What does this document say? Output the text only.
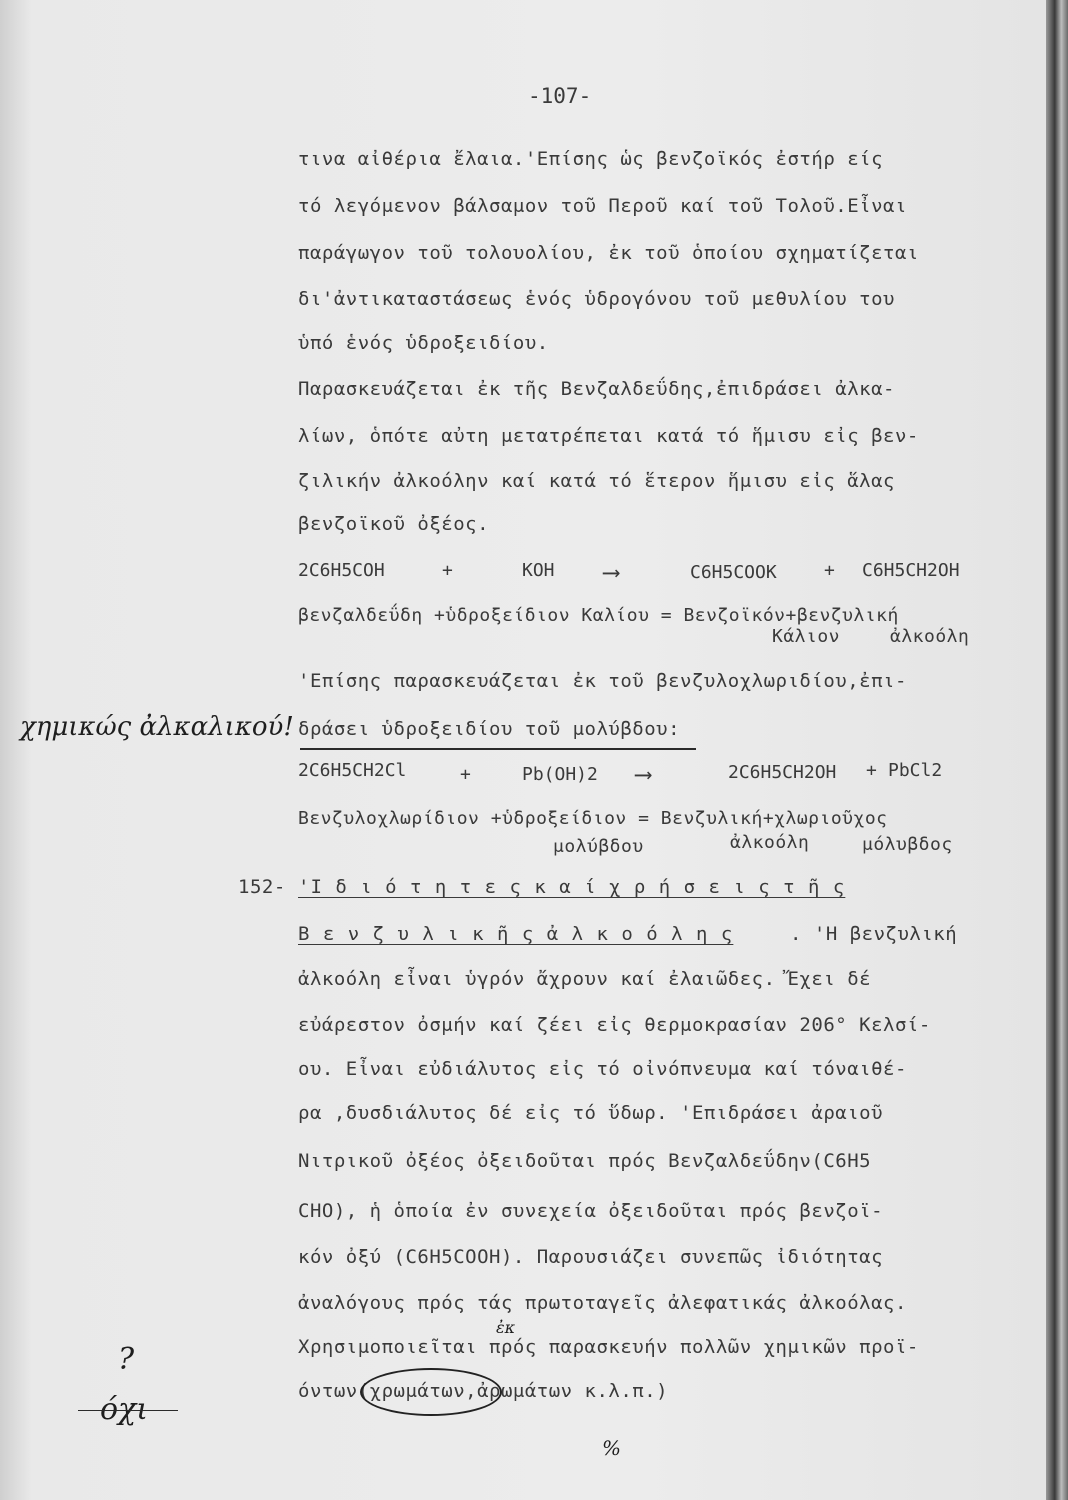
-107-
τινα αἰθέρια ἔλαια.'Επίσης ὡς βενζοϊκός ἐστήρ είς
τό λεγόμενον βάλσαμον τοῦ Περοῦ καί τοῦ Τολοῦ.Εἶναι
παράγωγον τοῦ τολουολίου, ἐκ τοῦ ὁποίου σχηματίζεται
δι'ἀντικαταστάσεως ἑνός ὑδρογόνου τοῦ μεθυλίου του
ὑπό ἑνός ὑδροξειδίου.
Παρασκευάζεται ἐκ τῆς Βενζαλδεΰδης,ἐπιδράσει ἀλκα-
λίων, ὁπότε αὐτη μετατρέπεται κατά τό ἥμισυ εἰς βεν-
ζιλικήν ἀλκοόλην καί κατά τό ἕτερον ἥμισυ εἰς ἅλας
βενζοϊκοῦ ὀξέος.
2C6H5COH	+	KOH ⟶	C6H5COOK	+ C6H5CH2OH
βενζαλδεΰδη +ὑδροξείδιον Καλίου = Βενζοϊκόν+βενζυλική
Κάλιον	ἀλκοόλη
'Επίσης παρασκευάζεται ἐκ τοῦ βενζυλοχλωριδίου,ἐπι-
δράσει ὑδροξειδίου τοῦ μολύβδου:
2C6H5CH2Cl	+	Pb(OH)2 ⟶	2C6H5CH2OH + PbCl2
Βενζυλοχλωρίδιον +ὑδροξείδιον = Βενζυλική+χλωριοῦχος
μολύβδου	ἀλκοόλη	μόλυβδος
152- 'Ι δ ι ό τ η τ ε ς κ α ί χ ρ ή σ ε ι ς τ ῆ ς
Β ε ν ζ υ λ ι κ ῆ ς ἀ λ κ ο ό λ η ς	. 'Η βενζυλική
ἀλκοόλη εἶναι ὑγρόν ἄχρουν καί ἐλαιῶδες. Ἔχει δέ
εὐάρεστον ὀσμήν καί ζέει εἰς θερμοκρασίαν 206° Κελσί-
ου. Εἶναι εὐδιάλυτος εἰς τό οἰνόπνευμα καί τόναιθέ-
ρα ,δυσδιάλυτος δέ εἰς τό ὕδωρ. 'Επιδράσει ἀραιοῦ
Νιτρικοῦ ὀξέος ὀξειδοῦται πρός Βενζαλδεΰδην(C6H5
CHO), ἡ ὁποία ἐν συνεχεία ὀξειδοῦται πρός βενζοϊ-
κόν ὀξύ (C6H5COOH). Παρουσιάζει συνεπῶς ἰδιότητας
ἀναλόγους πρός τάς πρωτοταγεῖς ἀλεφατικάς ἀλκοόλας.
Χρησιμοποιεῖται πρός παρασκευήν πολλῶν χημικῶν προϊ-
όντων(χρωμάτων,ἀρωμάτων κ.λ.π.)
χημικώς ἀλκαλικού!
?
όχι
ἐκ
%
